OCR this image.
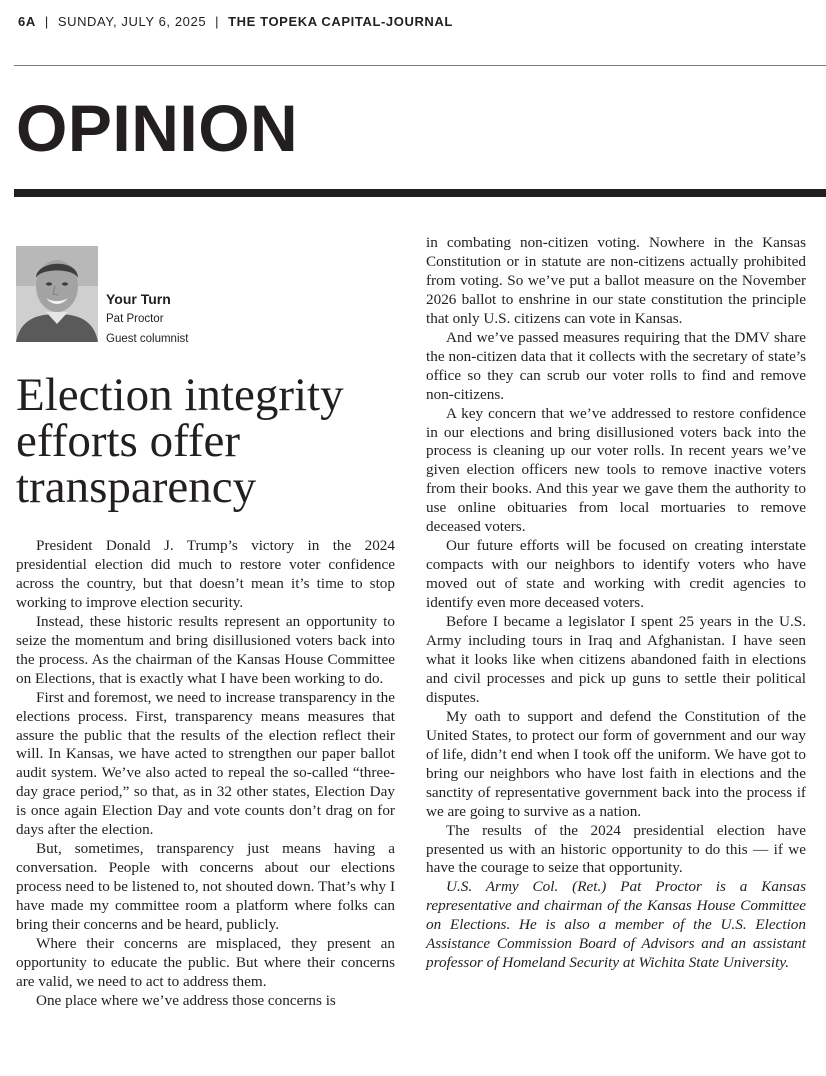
6A | SUNDAY, JULY 6, 2025 | THE TOPEKA CAPITAL-JOURNAL
OPINION
Your Turn
Pat Proctor
Guest columnist
Election integrity efforts offer transparency

President Donald J. Trump’s victory in the 2024 presidential election did much to restore voter confidence across the country, but that doesn’t mean it’s time to stop working to improve election security.

Instead, these historic results represent an opportunity to seize the momentum and bring disillusioned voters back into the process. As the chairman of the Kansas House Committee on Elections, that is exactly what I have been working to do.

First and foremost, we need to increase transparency in the elections process. First, transparency means measures that assure the public that the results of the election reflect their will. In Kansas, we have acted to strengthen our paper ballot audit system. We’ve also acted to repeal the so-called “three-day grace period,” so that, as in 32 other states, Election Day is once again Election Day and vote counts don’t drag on for days after the election.

But, sometimes, transparency just means having a conversation. People with concerns about our elections process need to be listened to, not shouted down. That’s why I have made my committee room a platform where folks can bring their concerns and be heard, publicly.

Where their concerns are misplaced, they present an opportunity to educate the public. But where their concerns are valid, we need to act to address them.

One place where we’ve address those concerns is

in combating non-citizen voting. Nowhere in the Kansas Constitution or in statute are non-citizens actually prohibited from voting. So we’ve put a ballot measure on the November 2026 ballot to enshrine in our state constitution the principle that only U.S. citizens can vote in Kansas.

And we’ve passed measures requiring that the DMV share the non-citizen data that it collects with the secretary of state’s office so they can scrub our voter rolls to find and remove non-citizens.

A key concern that we’ve addressed to restore confidence in our elections and bring disillusioned voters back into the process is cleaning up our voter rolls. In recent years we’ve given election officers new tools to remove inactive voters from their books. And this year we gave them the authority to use online obituaries from local mortuaries to remove deceased voters.

Our future efforts will be focused on creating interstate compacts with our neighbors to identify voters who have moved out of state and working with credit agencies to identify even more deceased voters.

Before I became a legislator I spent 25 years in the U.S. Army including tours in Iraq and Afghanistan. I have seen what it looks like when citizens abandoned faith in elections and civil processes and pick up guns to settle their political disputes.

My oath to support and defend the Constitution of the United States, to protect our form of government and our way of life, didn’t end when I took off the uniform. We have got to bring our neighbors who have lost faith in elections and the sanctity of representative government back into the process if we are going to survive as a nation.

The results of the 2024 presidential election have presented us with an historic opportunity to do this — if we have the courage to seize that opportunity.

U.S. Army Col. (Ret.) Pat Proctor is a Kansas representative and chairman of the Kansas House Committee on Elections. He is also a member of the U.S. Election Assistance Commission Board of Advisors and an assistant professor of Homeland Security at Wichita State University.
